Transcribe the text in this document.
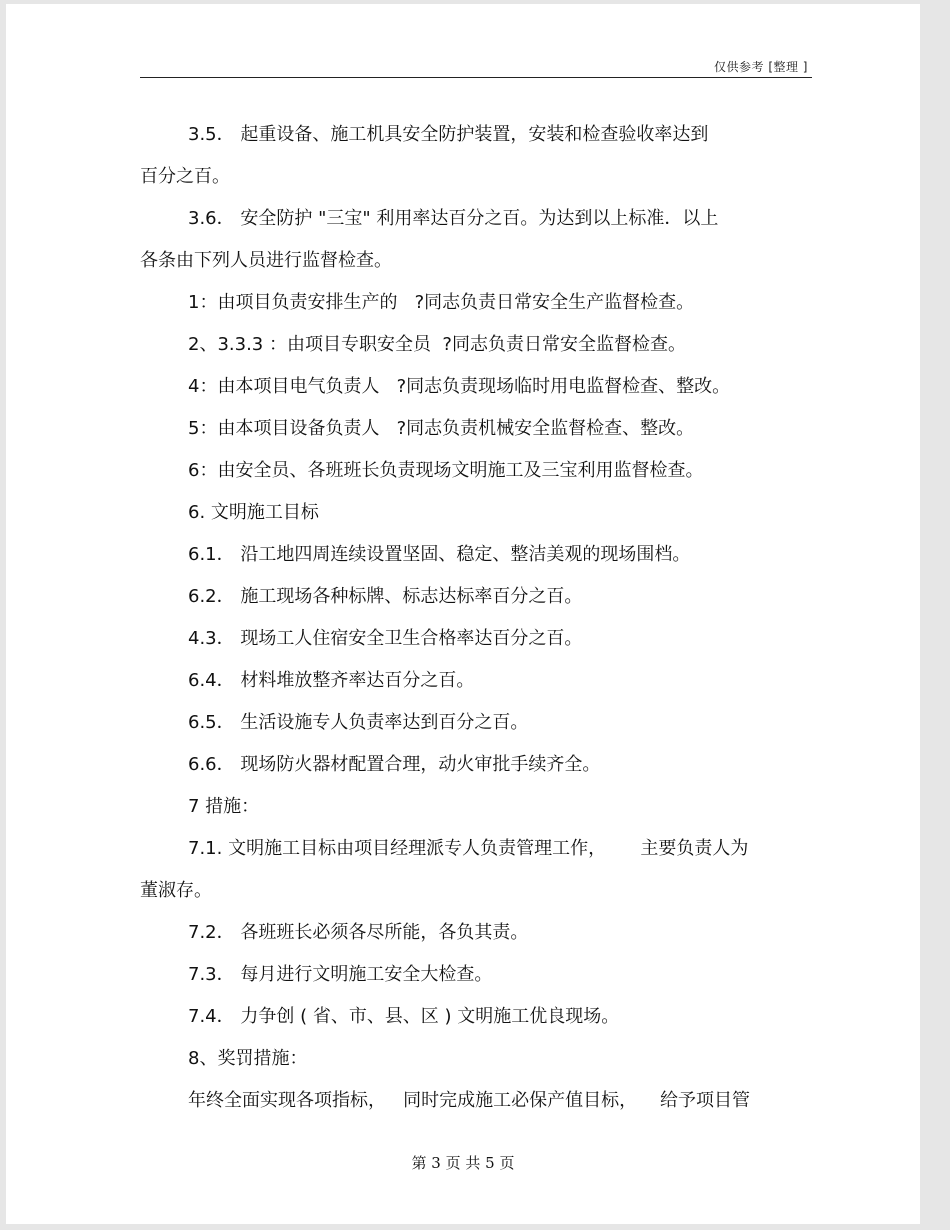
仅供参考 [整理 ]

3.5． 起重设备、施工机具安全防护装置，安装和检查验收率达到

百分之百。

3.6． 安全防护 "三宝" 利用率达百分之百。为达到以上标准．以上

各条由下列人员进行监督检查。

1：由项目负责安排生产的   ?同志负责日常安全生产监督检查。

2、3.3.3 ：由项目专职安全员  ?同志负责日常安全监督检查。

4：由本项目电气负责人   ?同志负责现场临时用电监督检查、整改。

5：由本项目设备负责人   ?同志负责机械安全监督检查、整改。

6：由安全员、各班班长负责现场文明施工及三宝利用监督检查。

6. 文明施工目标

6.1． 沿工地四周连续设置坚固、稳定、整洁美观的现场围档。

6.2． 施工现场各种标牌、标志达标率百分之百。

4.3． 现场工人住宿安全卫生合格率达百分之百。

6.4． 材料堆放整齐率达百分之百。

6.5． 生活设施专人负责率达到百分之百。

6.6． 现场防火器材配置合理，动火审批手续齐全。

7 措施：

7.1. 文明施工目标由项目经理派专人负责管理工作，      主要负责人为

董淑存。

7.2． 各班班长必须各尽所能，各负其责。

7.3． 每月进行文明施工安全大检查。

7.4． 力争创 ( 省、市、县、区 ) 文明施工优良现场。

8、奖罚措施：

年终全面实现各项指标，   同时完成施工必保产值目标，    给予项目管

第 3 页 共 5 页
